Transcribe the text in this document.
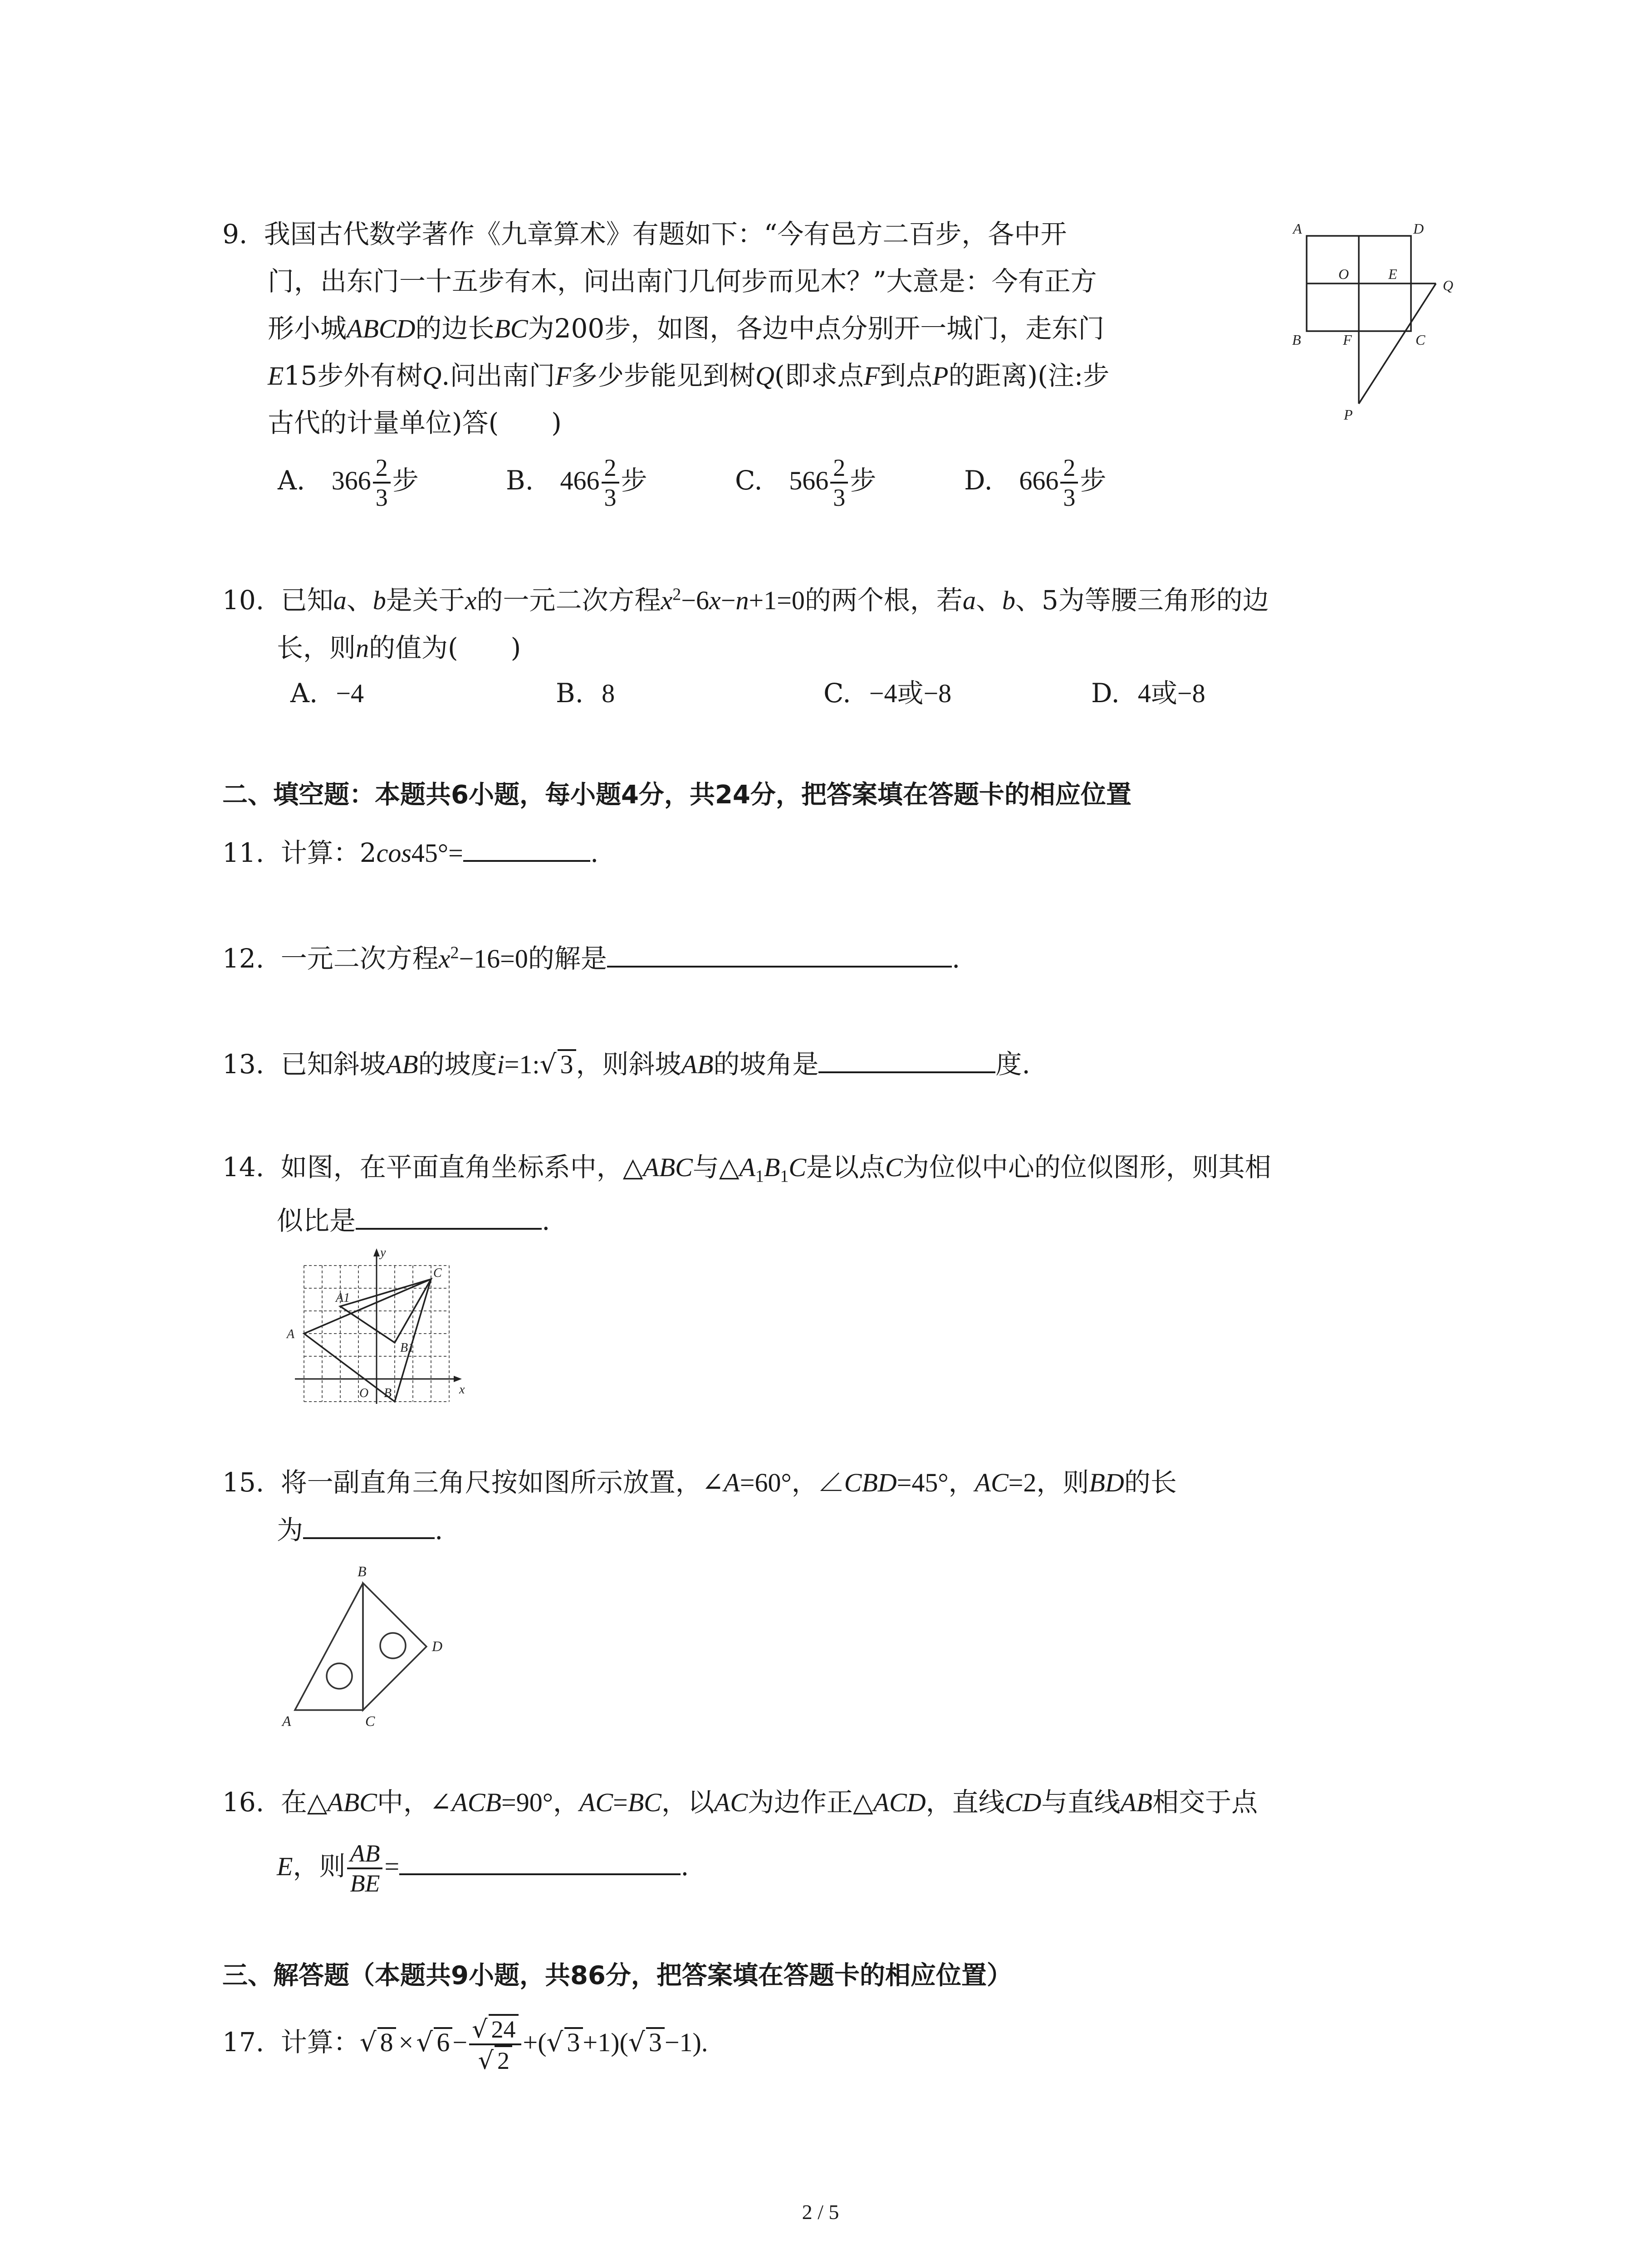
9. 我国古代数学著作《九章算术》有题如下：“今有邑方二百步，各中开
门，出东门一十五步有木，问出南门几何步而见木？”大意是：今有正方
形小城ABCD的边长BC为200步，如图，各边中点分别开一城门，走东门
E15步外有树Q.问出南门F多少步能见到树Q(即求点F到点P的距离)(注:步
古代的计量单位)答(　　)
A. $366 \frac{2}{3}$ 步	B. $466 \frac{2}{3}$ 步	C. $566 \frac{2}{3}$ 步	D. $666 \frac{2}{3}$ 步
A	D
O	E
Q
B	F	C
P
10. 已知a、b是关于x的一元二次方程$x^2-6x-n+1=0$的两个根，若a、b、5为等腰三角形的边
长，则n的值为(　　)
A. −4	B. 8	C. −4或−8	D. 4或−8
二、填空题：本题共6小题，每小题4分，共24分，把答案填在答题卡的相应位置
11. 计算：2cos45°=	.
12. 一元二次方程$x^2-16=0$的解是	.
13. 已知斜坡AB的坡度i=1:√ 3 ，则斜坡AB的坡角是	度.
14. 如图，在平面直角坐标系中，△ABC与$\triangle A_1B_1C$是以点C为位似中心的位似图形，则其相
似比是	.
y
A1
C
A
B1
O B	x
15. 将一副直角三角尺按如图所示放置，∠A=60°，∠CBD=45°，AC=2，则BD的长
为	.
B
D
A	C
16. 在△ABC中，∠ACB=90°，AC=BC，以AC为边作正△ACD，直线CD与直线AB相交于点
E，则 $\frac{AB}{BE}$ =	.
三、解答题（本题共9小题，共86分，把答案填在答题卡的相应位置）
17. 计算：√ 8 × √ $6 - \frac{√ 24}{√ 2}$ +(√ 3 +1)(√ 3 −1).
2 / 5
